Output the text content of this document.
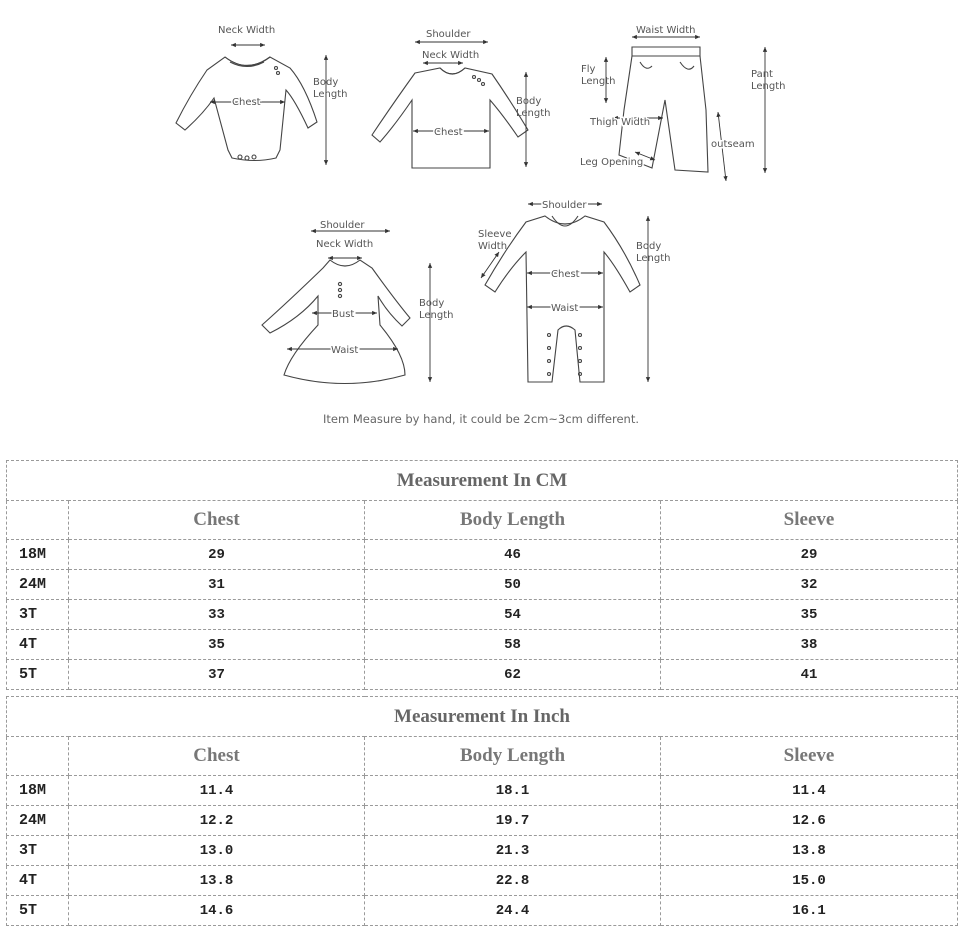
Neck Width
Body Length
Chest
Shoulder
Neck Width
Body Length
Chest
Waist Width
Fly Length
Pant Length
Thigh Width
outseam
Leg Opening
Shoulder
Neck Width
Body Length
Bust
Waist
Shoulder
Sleeve Width	Body Length
Chest
Waist
Item Measure by hand, it could be 2cm~3cm different.
Measurement In CM			
	Chest	Body Length	Sleeve
18M	29	46	29
24M	31	50	32
3T	33	54	35
4T	35	58	38
5T	37	62	41
Measurement In Inch			
	Chest	Body Length	Sleeve
18M	11.4	18.1	11.4
24M	12.2	19.7	12.6
3T	13.0	21.3	13.8
4T	13.8	22.8	15.0
5T	14.6	24.4	16.1
